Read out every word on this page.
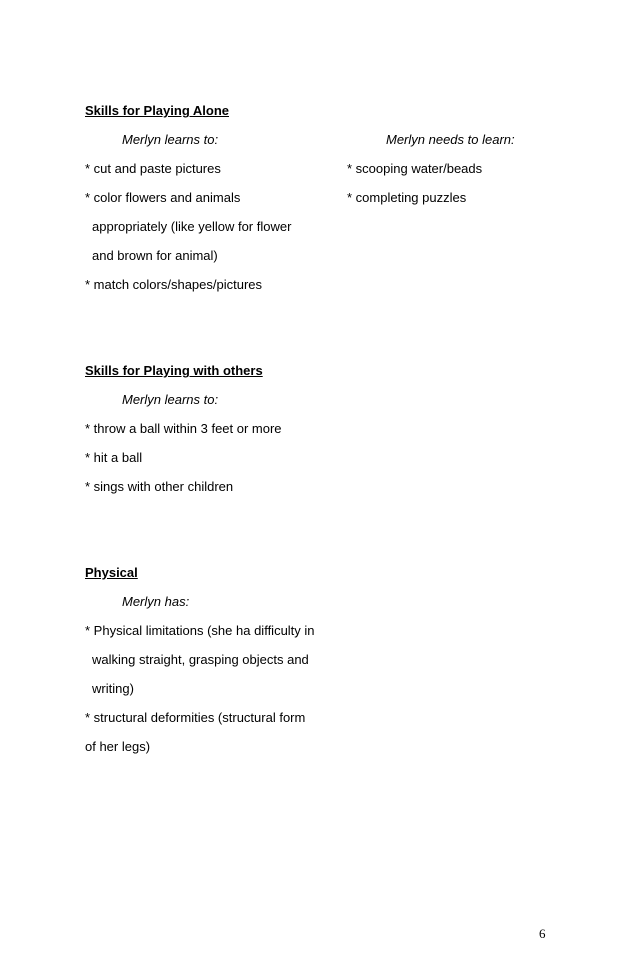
Skills for Playing Alone
Merlyn learns to:	Merlyn needs to learn:
* cut and paste pictures
* color flowers and animals
appropriately (like yellow for flower
and brown for animal)
* match colors/shapes/pictures
* scooping water/beads
* completing puzzles
Skills for Playing with others
Merlyn learns to:
* throw a ball within 3 feet or more
* hit a ball
* sings with other children
Physical
Merlyn has:
* Physical limitations (she ha difficulty in
walking straight, grasping objects and
writing)
* structural deformities (structural form
of her legs)
6
